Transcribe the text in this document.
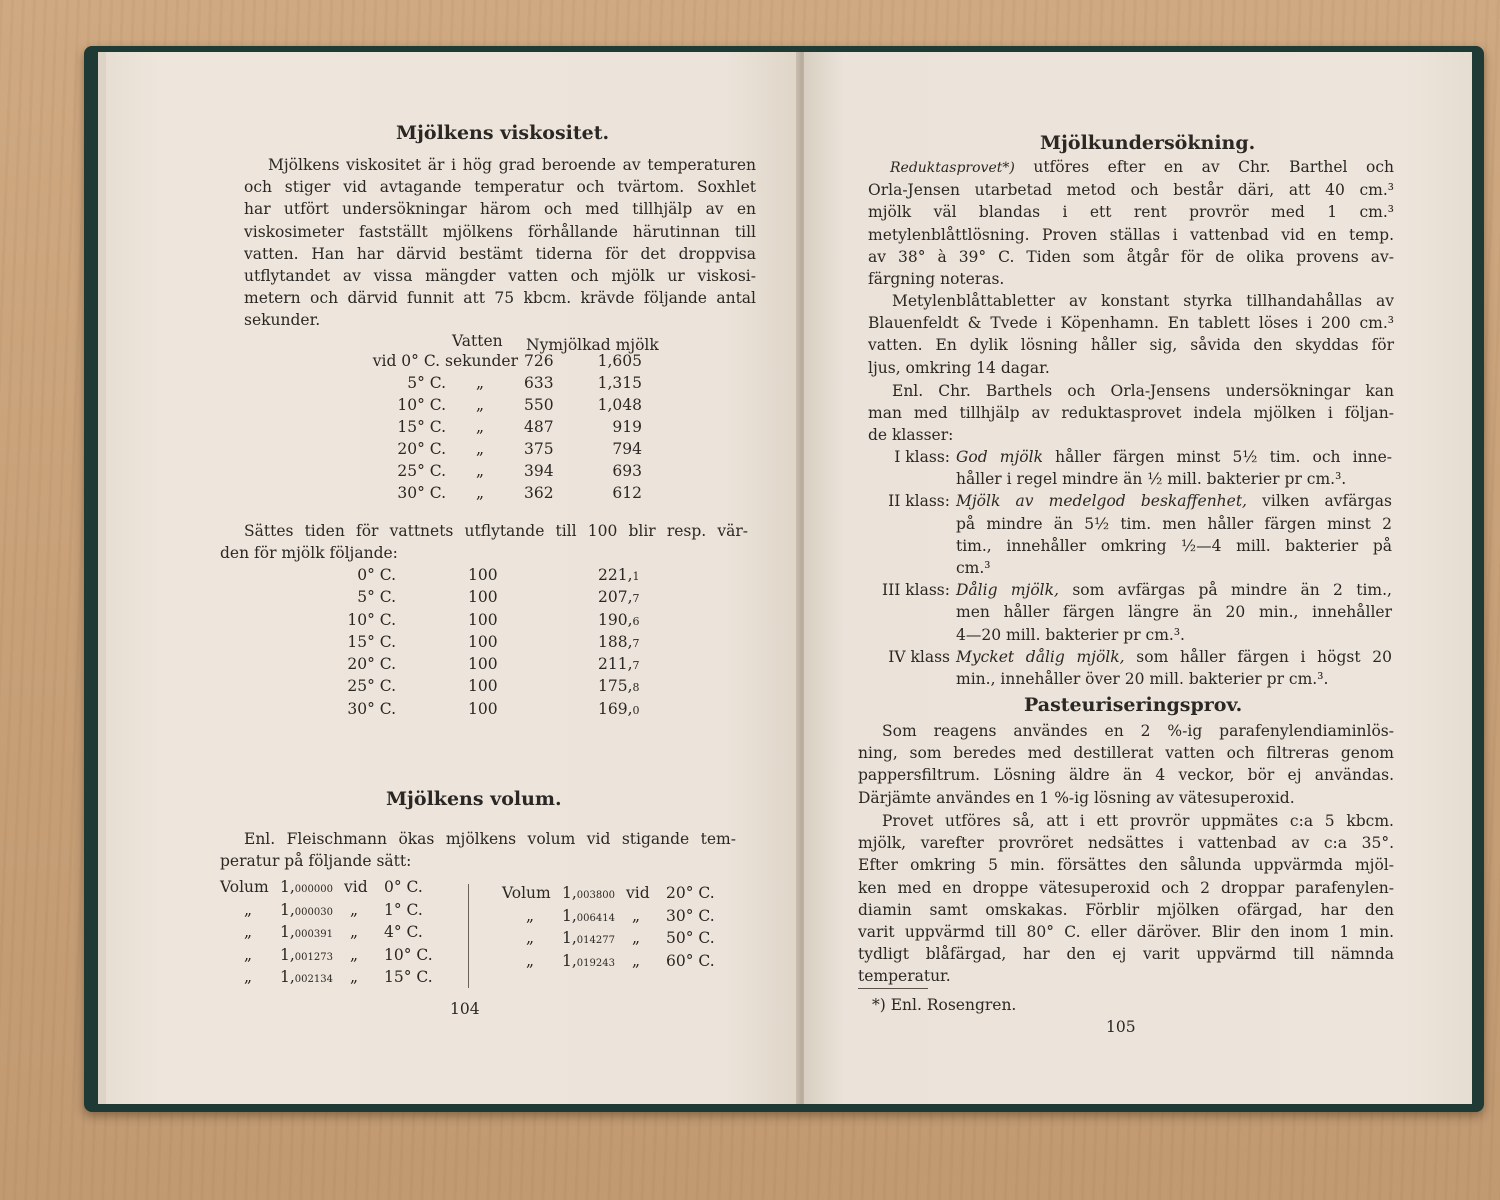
Mjölkens viskositet.
Mjölkens viskositet är i hög grad beroende av temperaturen
och stiger vid avtagande temperatur och tvärtom. Soxhlet
har utfört undersökningar härom och med tillhjälp av en
viskosimeter fastställt mjölkens förhållande härutinnan till
vatten. Han har därvid bestämt tiderna för det droppvisa
utflytandet av vissa mängder vatten och mjölk ur viskosi-
metern och därvid funnit att 75 kbcm. krävde följande antal
sekunder.
Vatten Nymjölkad mjölk
vid 0° C. sekunder 726	1,605
5° C. „	633	1,315
10° C. „	550	1,048
15° C. „	487	919
20° C. „	375	794
25° C. „	394	693
30° C. „	362	612
Sättes tiden för vattnets utflytande till 100 blir resp. vär-
den för mjölk följande:
0° C.	100	221,1
5° C.	100	207,7
10° C.	100	190,6
15° C.	100	188,7
20° C.	100	211,7
25° C.	100	175,8
30° C.	100	169,0
Mjölkens volum.
Enl. Fleischmann ökas mjölkens volum vid stigande tem-
peratur på följande sätt:
Volum 1,000000 vid 0° C.
„ 1,000030 „ 1° C.
„ 1,000391 „ 4° C.
„ 1,001273 „ 10° C.
„ 1,002134 „ 15° C.
Volum 1,003800 vid 20° C.
„ 1,006414 „ 30° C.
„ 1,014277 „ 50° C.
„ 1,019243 „ 60° C.
104
Mjölkundersökning.
Reduktasprovet*) utföres efter en av Chr. Barthel och
Orla-Jensen utarbetad metod och består däri, att 40 cm.³
mjölk väl blandas i ett rent provrör med 1 cm.³
metylenblåttlösning. Proven ställas i vattenbad vid en temp.
av 38° à 39° C. Tiden som åtgår för de olika provens av-
färgning noteras.
Metylenblåttabletter av konstant styrka tillhandahållas av
Blauenfeldt & Tvede i Köpenhamn. En tablett löses i 200 cm.³
vatten. En dylik lösning håller sig, såvida den skyddas för
ljus, omkring 14 dagar.
Enl. Chr. Barthels och Orla-Jensens undersökningar kan
man med tillhjälp av reduktasprovet indela mjölken i följan-
de klasser:
I klass: God mjölk håller färgen minst 5½ tim. och inne-
håller i regel mindre än ½ mill. bakterier pr cm.³.
II klass: Mjölk av medelgod beskaffenhet, vilken avfärgas
på mindre än 5½ tim. men håller färgen minst 2
tim., innehåller omkring ½—4 mill. bakterier på
cm.³
III klass: Dålig mjölk, som avfärgas på mindre än 2 tim.,
men håller färgen längre än 20 min., innehåller
4—20 mill. bakterier pr cm.³.
IV klass Mycket dålig mjölk, som håller färgen i högst 20
min., innehåller över 20 mill. bakterier pr cm.³.
Pasteuriseringsprov.
Som reagens användes en 2 %-ig parafenylendiaminlös-
ning, som beredes med destillerat vatten och filtreras genom
pappersfiltrum. Lösning äldre än 4 veckor, bör ej användas.
Därjämte användes en 1 %-ig lösning av vätesuperoxid.
Provet utföres så, att i ett provrör uppmätes c:a 5 kbcm.
mjölk, varefter provröret nedsättes i vattenbad av c:a 35°.
Efter omkring 5 min. försättes den sålunda uppvärmda mjöl-
ken med en droppe vätesuperoxid och 2 droppar parafenylen-
diamin samt omskakas. Förblir mjölken ofärgad, har den
varit uppvärmd till 80° C. eller däröver. Blir den inom 1 min.
tydligt blåfärgad, har den ej varit uppvärmd till nämnda
temperatur.
*) Enl. Rosengren.
105
